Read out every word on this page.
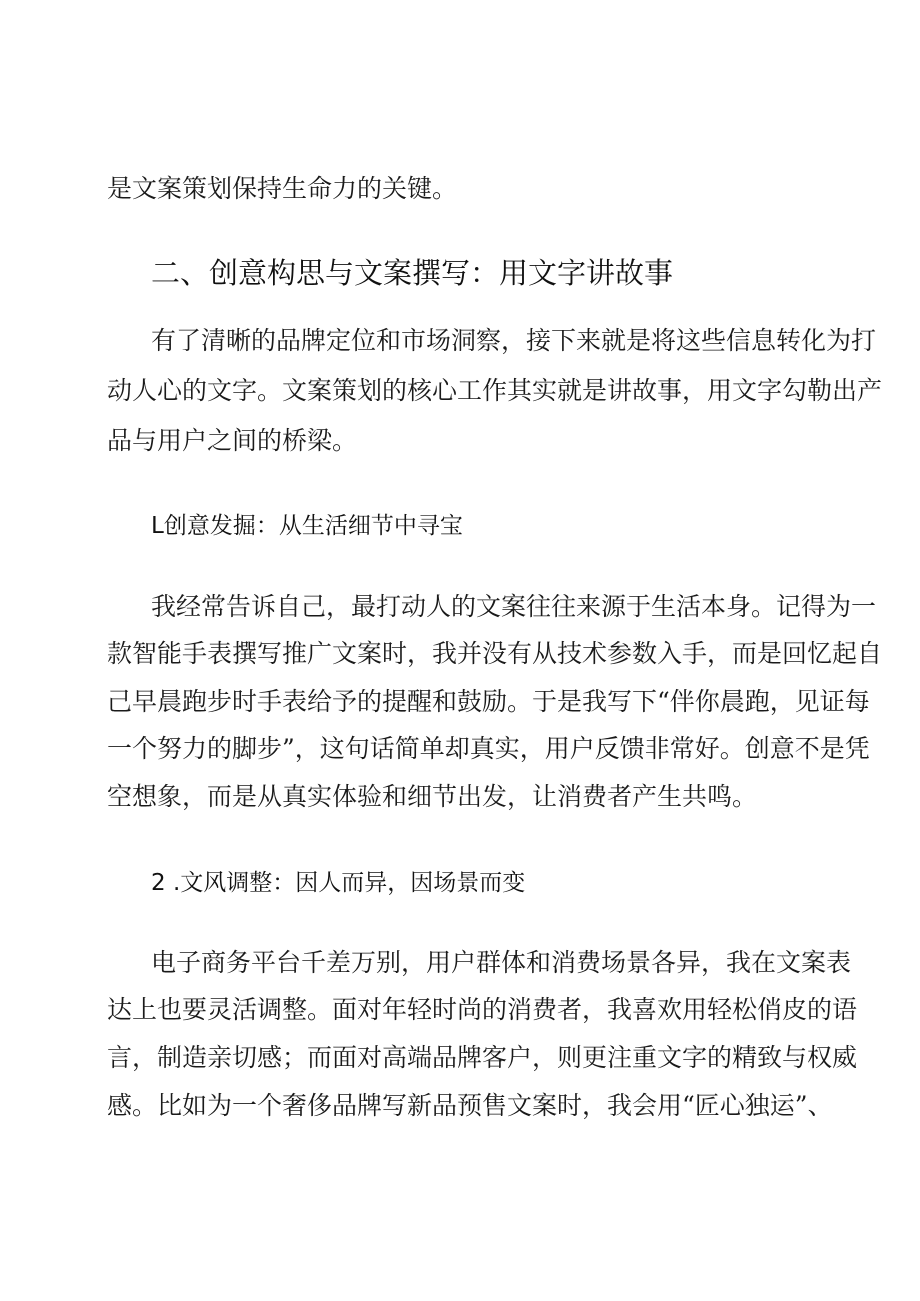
是文案策划保持生命力的关键。
二、创意构思与文案撰写：用文字讲故事
有了清晰的品牌定位和市场洞察，接下来就是将这些信息转化为打
动人心的文字。文案策划的核心工作其实就是讲故事，用文字勾勒出产
品与用户之间的桥梁。
L创意发掘：从生活细节中寻宝
我经常告诉自己，最打动人的文案往往来源于生活本身。记得为一
款智能手表撰写推广文案时，我并没有从技术参数入手，而是回忆起自
己早晨跑步时手表给予的提醒和鼓励。于是我写下“伴你晨跑，见证每
一个努力的脚步”，这句话简单却真实，用户反馈非常好。创意不是凭
空想象，而是从真实体验和细节出发，让消费者产生共鸣。
2 .文风调整：因人而异，因场景而变
电子商务平台千差万别，用户群体和消费场景各异，我在文案表
达上也要灵活调整。面对年轻时尚的消费者，我喜欢用轻松俏皮的语
言，制造亲切感；而面对高端品牌客户，则更注重文字的精致与权威
感。比如为一个奢侈品牌写新品预售文案时，我会用“匠心独运”、
